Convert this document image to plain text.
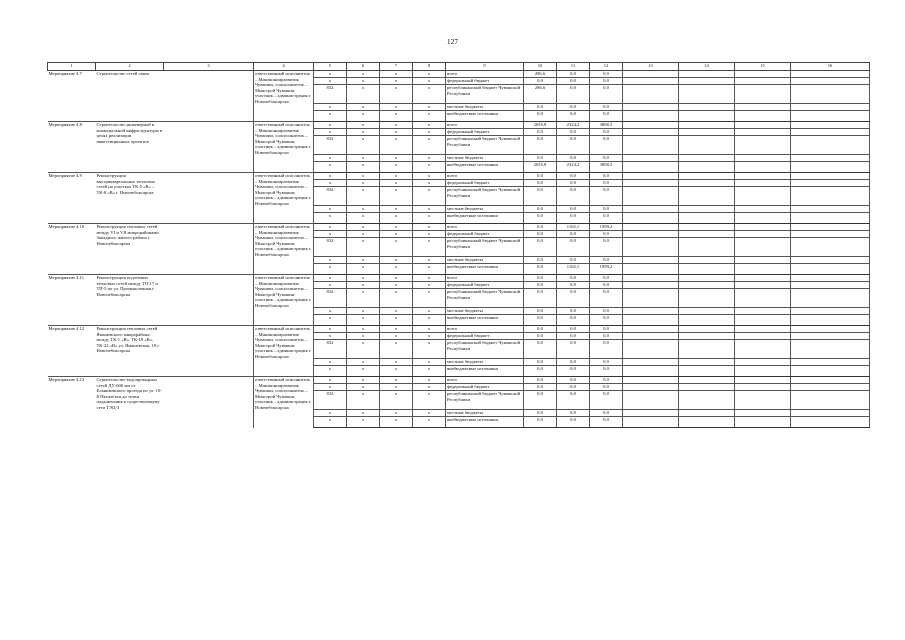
127
1	2	3	4	5	6	7	8	9	10	11	12	13	14	15	16
Мероприятие 4.7	Строительство сетей связи		ответственный исполнитель – Минэкономразвития Чувашии, соисполнитель – Минстрой Чувашии, участник – администрация г. Новочебоксарска	x	x	x	x	всего	286,6	0,0	0,0				
				x	x	x	x	федеральный бюджет	0,0	0,0	0,0				
				832	x	x	x	республиканский бюджет Чувашской Республики	286,6	0,0	0,0				
				x	x	x	x	местные бюджеты	0,0	0,0	0,0				
				x	x	x	x	внебюджетные источники	0,0	0,0	0,0				
Мероприятие 4.8	Строительство инженерной и коммунальной инфраструктуры в целях реализации инвестиционных проектов		ответственный исполнитель – Минэкономразвития Чувашии, соисполнитель – Минстрой Чувашии, участник – администрация г. Новочебоксарска	x	x	x	x	всего	2035,8	2324,2	3808,3				
				x	x	x	x	федеральный бюджет	0,0	0,0	0,0				
				832	x	x	x	республиканский бюджет Чувашской Республики	0,0	0,0	0,0				
				x	x	x	x	местные бюджеты	0,0	0,0	0,0				
				x	x	x	x	внебюджетные источники	2035,8	2324,2	3808,3				
Мероприятие 4.9	Реконструкция внутриквартальных тепловых сетей на участках ТК-5 «В» – ТК-8 «В» г. Новочебоксарска		ответственный исполнитель – Минэкономразвития Чувашии, соисполнитель – Минстрой Чувашии, участник – администрация г. Новочебоксарска	x	x	x	x	всего	0,0	0,0	0,0				
				x	x	x	x	федеральный бюджет	0,0	0,0	0,0				
				832	x	x	x	республиканский бюджет Чувашской Республики	0,0	0,0	0,0				
				x	x	x	x	местные бюджеты	0,0	0,0	0,0				
				x	x	x	x	внебюджетные источники	0,0	0,0	0,0				
Мероприятие 4.10	Реконструкция тепловых сетей между VI и VII микрорайонами Западного жилого района г. Новочебоксарска		ответственный исполнитель – Минэкономразвития Чувашии, соисполнитель – Минстрой Чувашии, участник – администрация г. Новочебоксарска	x	x	x	x	всего	0,0	1162,1	1999,2				
				x	x	x	x	федеральный бюджет	0,0	0,0	0,0				
				832	x	x	x	республиканский бюджет Чувашской Республики	0,0	0,0	0,0				
				x	x	x	x	местные бюджеты	0,0	0,0	0,0				
				x	x	x	x	внебюджетные источники	0,0	1162,1	1999,2				
Мероприятие 4.11	Реконструкция подземных тепловых сетей между ТП-17 и ТП-5 по ул. Промышленная г. Новочебоксарска		ответственный исполнитель – Минэкономразвития Чувашии, соисполнитель – Минстрой Чувашии, участник – администрация г. Новочебоксарска	x	x	x	x	всего	0,0	0,0	0,0				
				x	x	x	x	федеральный бюджет	0,0	0,0	0,0				
				832	x	x	x	республиканский бюджет Чувашской Республики	0,0	0,0	0,0				
				x	x	x	x	местные бюджеты	0,0	0,0	0,0				
				x	x	x	x	внебюджетные источники	0,0	0,0	0,0				
Мероприятие 4.12	Реконструкция тепловых сетей Ямашевского микрорайона между ТК-1 «В», ТК-19 «В», ТК-22 «В» ул. Ямашевская, 18 г. Новочебоксарска		ответственный исполнитель – Минэкономразвития Чувашии, соисполнитель – Минстрой Чувашии, участник – администрация г. Новочебоксарска	x	x	x	x	всего	0,0	0,0	0,0				
				x	x	x	x	федеральный бюджет	0,0	0,0	0,0				
				832	x	x	x	республиканский бюджет Чувашской Республики	0,0	0,0	0,0				
				x	x	x	x	местные бюджеты	0,0	0,0	0,0				
				x	x	x	x	внебюджетные источники	0,0	0,0	0,0				
Мероприятие 4.13	Строительство водопроводных сетей ДУ-600 мм от Ельниковского проезда по ул. 10-й Пятилетки до точки подключения к существующему сети ТЭЦ-3		ответственный исполнитель – Минэкономразвития Чувашии, соисполнитель – Минстрой Чувашии, участник – администрация г. Новочебоксарска	x	x	x	x	всего	0,0	0,0	0,0				
				x	x	x	x	федеральный бюджет	0,0	0,0	0,0				
				832	x	x	x	республиканский бюджет Чувашской Республики	0,0	0,0	0,0				
				x	x	x	x	местные бюджеты	0,0	0,0	0,0				
				x	x	x	x	внебюджетные источники	0,0	0,0	0,0				
